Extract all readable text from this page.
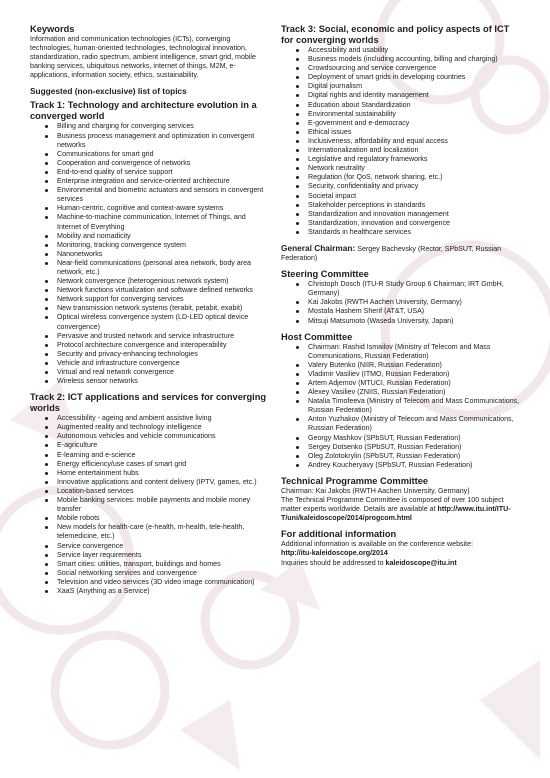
Keywords
Information and communication technologies (ICTs), converging technologies, human-oriented technologies, technological innovation, standardization, radio spectrum, ambient intelligence, smart grid, mobile banking services, ubiquitous networks, internet of things, M2M, e-applications, information society, ethics, sustainability.
Suggested (non-exclusive) list of topics
Track 1: Technology and architecture evolution in a converged world
Billing and charging for converging services
Business process management and optimization in convergent networks
Communications for smart grid
Cooperation and convergence of networks
End-to-end quality of service support
Enterprise integration and service-oriented architecture
Environmental and biometric actuators and sensors in convergent services
Human-centric, cognitive and context-aware systems
Machine-to-machine communication, Internet of Things, and Internet of Everything
Mobility and nomadicity
Monitoring, tracking convergence system
Nanonetworks
Near-field communications (personal area network, body area network, etc.)
Network convergence (heterogenious network system)
Network functions virtualization and software defined networks
Network support for converging services
New transmission network systems (terabit, petabit, exabit)
Optical wireless convergence system (LD-LED optical device convergence)
Pervasive and trusted network and service infrastructure
Protocol architecture convergence and interoperability
Security and privacy-enhancing technologies
Vehicle and infrastructure convergence
Virtual and real network convergence
Wireless sensor networks
Track 2: ICT applications and services for converging worlds
Accessibility - ageing and ambient assistive living
Augmented reality and technology intelligence
Autonomous vehicles and vehicle communications
E-agriculture
E-learning and e-science
Energy efficiency/use cases of smart grid
Home entertainment hubs
Innovative applications and content delivery (IPTV, games, etc.)
Location-based services
Mobile banking services: mobile payments and mobile money transfer
Mobile robots
New models for health-care (e-health, m-health, tele-health, telemedicine, etc.)
Service convergence
Service layer requirements
Smart cities: utilities, transport, buildings and homes
Social networking services and convergence
Television and video services (3D video image communication)
XaaS (Anything as a Service)
Track 3: Social, economic and policy aspects of ICT for converging worlds
Accessibility and usability
Business models (including accounting, billing and charging)
Crowdsourcing and service convergence
Deployment of smart grids in developing countries
Digital journalism
Digital rights and identity management
Education about Standardization
Environmental sustainability
E-government and e-democracy
Ethical issues
Inclusiveness, affordability and equal access
Internationalization and localization
Legislative and regulatory frameworks
Network neutrality
Regulation (for QoS, network sharing, etc.)
Security, confidentiality and privacy
Societal impact
Stakeholder perceptions in standards
Standardization and innovation management
Standardization, innovation and convergence
Standards in healthcare services
General Chairman: Sergey Bachevsky (Rector, SPbSUT, Russian Federation)
Steering Committee
Christoph Dosch (ITU-R Study Group 6 Chairman; IRT GmbH, Germany)
Kai Jakobs (RWTH Aachen University, Germany)
Mostafa Hashem Sherif (AT&T, USA)
Mitsuji Matsumoto (Waseda University, Japan)
Host Committee
Chairman: Rashid Ismailov (Ministry of Telecom and Mass Communications, Russian Federation)
Valery Butenko (NIIR, Russian Federation)
Vladimir Vasiliev (ITMO, Russian Federation)
Artem Adjemov (MTUCI, Russian Federation)
Alexey Vasiliev (ZNIIS, Russian Federation)
Natalia Timofeeva (Ministry of Telecom and Mass Communications, Russian Federation)
Anton Yuzhakov (Ministry of Telecom and Mass Communications, Russian Federation)
Georgy Mashkov (SPbSUT, Russian Federation)
Sergey Dotsenko (SPbSUT, Russian Federation)
Oleg Zolotokrylin (SPbSUT, Russian Federation)
Andrey Koucheryavy (SPbSUT, Russian Federation)
Technical Programme Committee
Chairman: Kai Jakobs (RWTH Aachen University, Germany)
The Technical Programme Committee is composed of over 100 subject matter experts worldwide. Details are available at http://www.itu.int/ITU-T/uni/kaleidoscope/2014/progcom.html
For additional information
Additional information is available on the conference website:
http://itu-kaleidoscope.org/2014
Inquiries should be addressed to kaleidoscope@itu.int
